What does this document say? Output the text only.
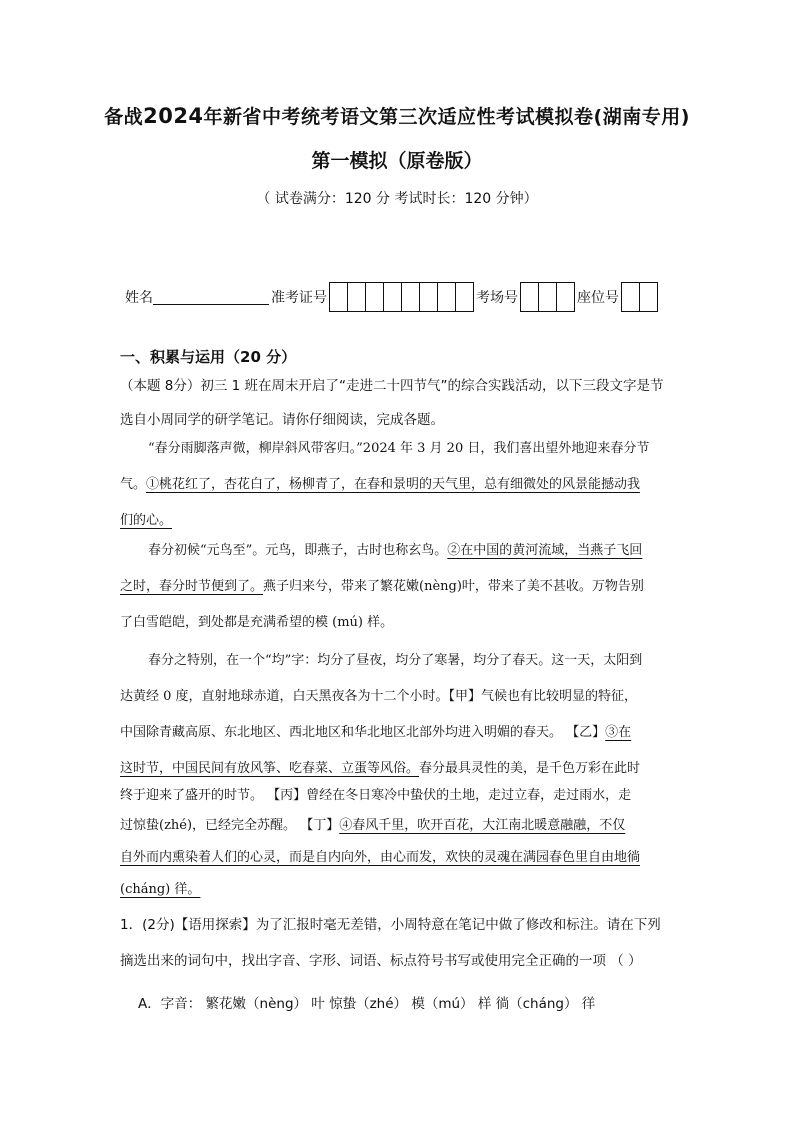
备战2024年新省中考统考语文第三次适应性考试模拟卷(湖南专用)
第一模拟（原卷版）
（ 试卷满分：120 分 考试时长：120 分钟）
姓名	准考证号	考场号	座位号
一、积累与运用（20 分）
（本题 8分）初三 1 班在周末开启了“走进二十四节气”的综合实践活动，以下三段文字是节
选自小周同学的研学笔记。请你仔细阅读，完成各题。
“春分雨脚落声微，柳岸斜风带客归。”2024 年 3 月 20 日，我们喜出望外地迎来春分节
气。①桃花红了，杏花白了，杨柳青了，在春和景明的天气里，总有细微处的风景能撼动我
们的心。
春分初候“元鸟至”。元鸟，即燕子，古时也称玄鸟。②在中国的黄河流域，当燕子飞回
之时，春分时节便到了。燕子归来兮，带来了繁花嫩(nèng)叶，带来了美不甚收。万物告别
了白雪皑皑，到处都是充满希望的模 (mú) 样。
春分之特别，在一个“均”字：均分了昼夜，均分了寒暑，均分了春天。这一天，太阳到
达黄经 0 度，直射地球赤道，白天黑夜各为十二个小时。【甲】气候也有比较明显的特征，
中国除青藏高原、东北地区、西北地区和华北地区北部外均进入明媚的春天。 【乙】③在
这时节，中国民间有放风筝、吃春菜、立蛋等风俗。春分最具灵性的美，是千色万彩在此时
终于迎来了盛开的时节。 【丙】曾经在冬日寒冷中蛰伏的土地，走过立春，走过雨水，走
过惊蛰(zhé)，已经完全苏醒。 【丁】④春风千里，吹开百花，大江南北暖意融融，不仅
自外而内熏染着人们的心灵，而是自内向外，由心而发，欢快的灵魂在满园春色里自由地徜
(cháng) 徉。
1．(2分)【语用探索】为了汇报时毫无差错，小周特意在笔记中做了修改和标注。请在下列
摘选出来的词句中，找出字音、字形、词语、标点符号书写或使用完全正确的一项 （ ）
A．字音： 繁花嫩（nèng） 叶 惊蛰（zhé） 模（mú） 样 徜（cháng） 徉
